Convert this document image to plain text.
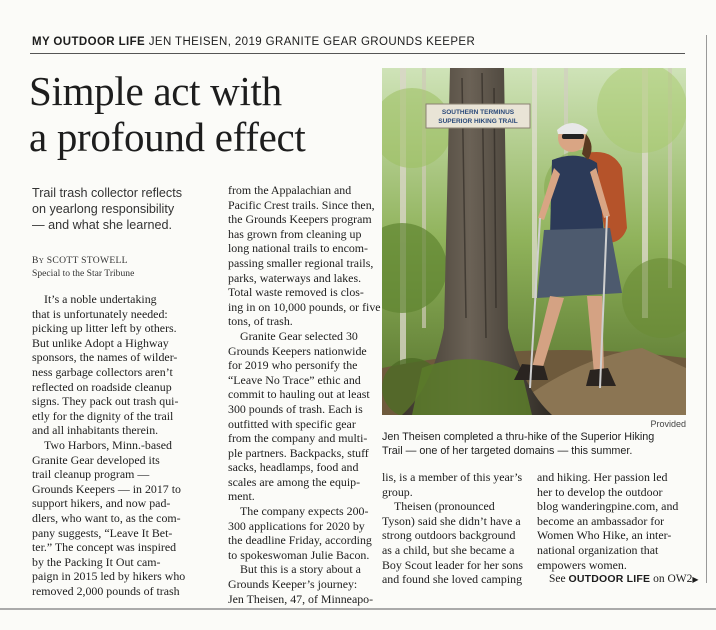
MY OUTDOOR LIFE JEN THEISEN, 2019 GRANITE GEAR GROUNDS KEEPER
Simple act with
a profound effect
Trail trash collector reflects
on yearlong responsibility
— and what she learned.
By SCOTT STOWELL
Special to the Star Tribune
It’s a noble undertaking
that is unfortunately needed:
picking up litter left by others.
But unlike Adopt a Highway
sponsors, the names of wilder-
ness garbage collectors aren’t
reflected on roadside cleanup
signs. They pack out trash qui-
etly for the dignity of the trail
and all inhabitants therein.
Two Harbors, Minn.-based
Granite Gear developed its
trail cleanup program —
Grounds Keepers — in 2017 to
support hikers, and now pad-
dlers, who want to, as the com-
pany suggests, “Leave It Bet-
ter.” The concept was inspired
by the Packing It Out cam-
paign in 2015 led by hikers who
removed 2,000 pounds of trash
from the Appalachian and
Pacific Crest trails. Since then,
the Grounds Keepers program
has grown from cleaning up
long national trails to encom-
passing smaller regional trails,
parks, waterways and lakes.
Total waste removed is clos-
ing in on 10,000 pounds, or five
tons, of trash.
Granite Gear selected 30
Grounds Keepers nationwide
for 2019 who personify the
“Leave No Trace” ethic and
commit to hauling out at least
300 pounds of trash. Each is
outfitted with specific gear
from the company and multi-
ple partners. Backpacks, stuff
sacks, headlamps, food and
scales are among the equip-
ment.
The company expects 200-
300 applications for 2020 by
the deadline Friday, according
to spokeswoman Julie Bacon.
But this is a story about a
Grounds Keeper’s journey:
Jen Theisen, 47, of Minneapo-
SOUTHERN TERMINUS
SUPERIOR HIKING TRAIL
Provided
Jen Theisen completed a thru-hike of the Superior Hiking
Trail — one of her targeted domains — this summer.
lis, is a member of this year’s
group.
Theisen (pronounced
Tyson) said she didn’t have a
strong outdoors background
as a child, but she became a
Boy Scout leader for her sons
and found she loved camping
and hiking. Her passion led
her to develop the outdoor
blog wanderingpine.com, and
become an ambassador for
Women Who Hike, an inter-
national organization that
empowers women.
See OUTDOOR LIFE on OW2▶
